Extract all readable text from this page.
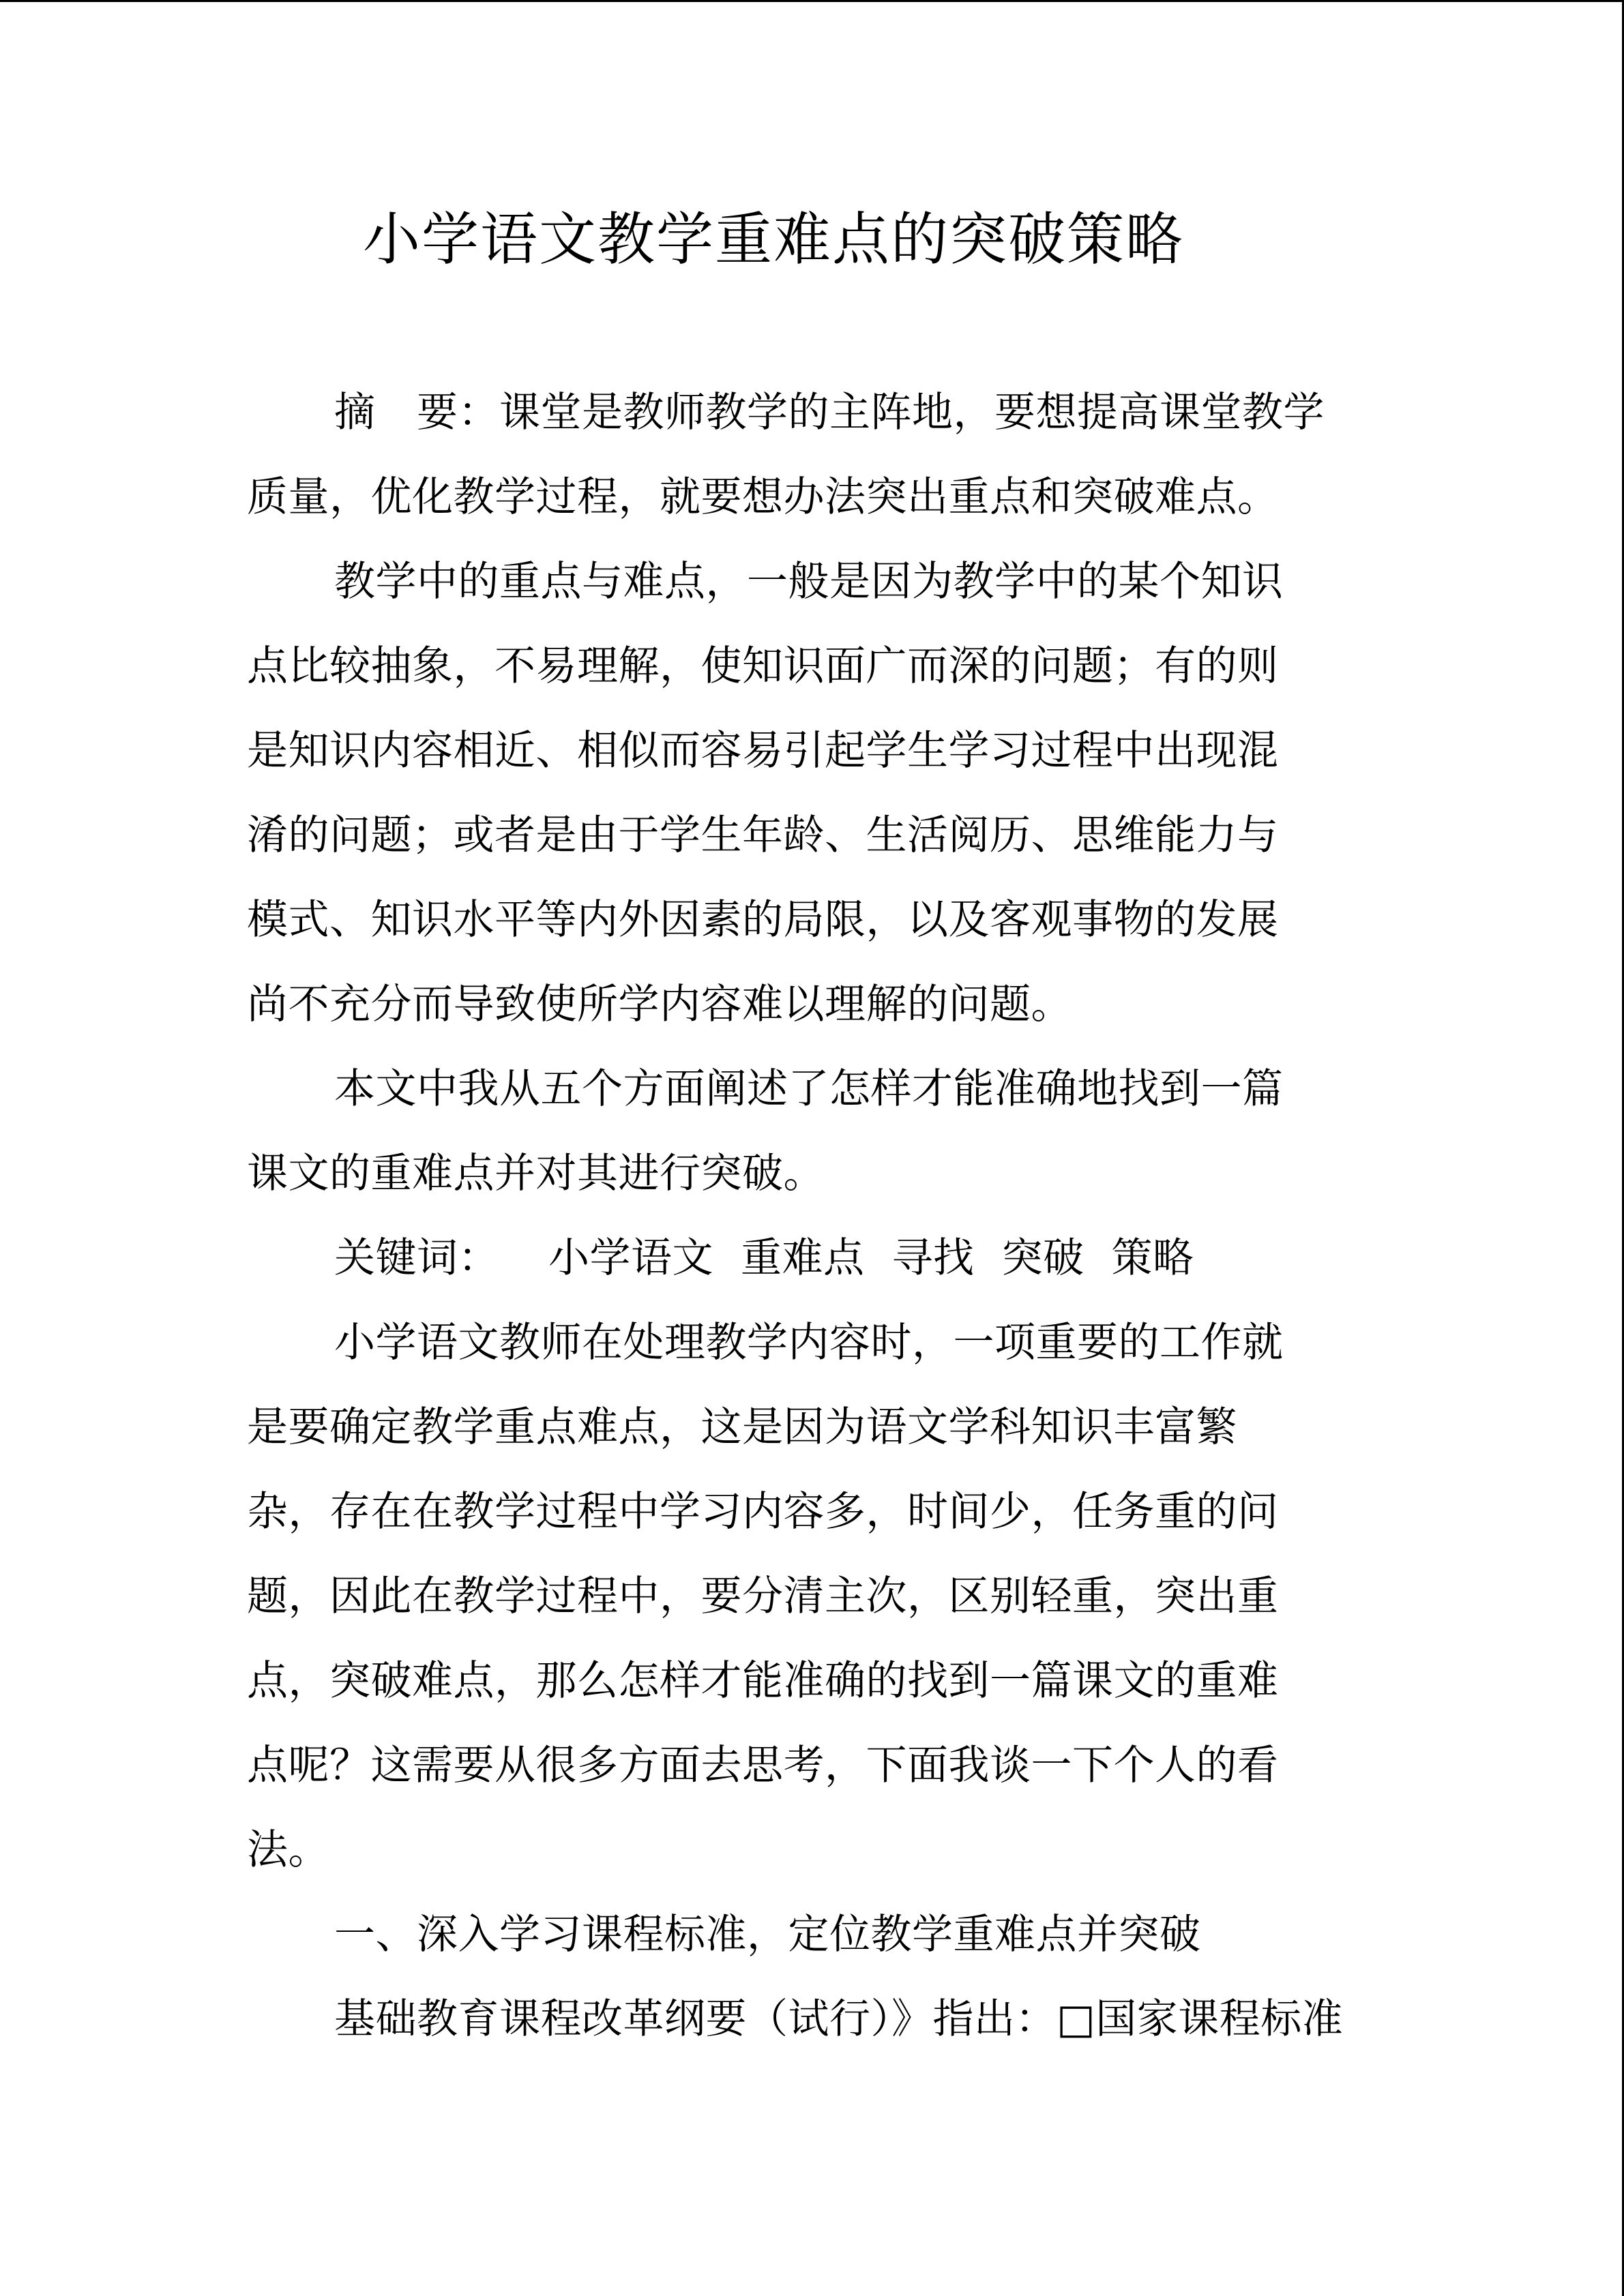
小学语文教学重难点的突破策略
摘　要：课堂是教师教学的主阵地，要想提高课堂教学
质量，优化教学过程，就要想办法突出重点和突破难点。
教学中的重点与难点，一般是因为教学中的某个知识
点比较抽象，不易理解，使知识面广而深的问题；有的则
是知识内容相近、相似而容易引起学生学习过程中出现混
淆的问题；或者是由于学生年龄、生活阅历、思维能力与
模式、知识水平等内外因素的局限，以及客观事物的发展
尚不充分而导致使所学内容难以理解的问题。
本文中我从五个方面阐述了怎样才能准确地找到一篇
课文的重难点并对其进行突破。
关键词： 小学语文 重难点 寻找 突破 策略
小学语文教师在处理教学内容时，一项重要的工作就
是要确定教学重点难点，这是因为语文学科知识丰富繁
杂，存在在教学过程中学习内容多，时间少，任务重的问
题，因此在教学过程中，要分清主次，区别轻重，突出重
点，突破难点，那么怎样才能准确的找到一篇课文的重难
点呢？这需要从很多方面去思考，下面我谈一下个人的看
法。
一、深入学习课程标准，定位教学重难点并突破
基础教育课程改革纲要（试行）》指出：□国家课程标准
